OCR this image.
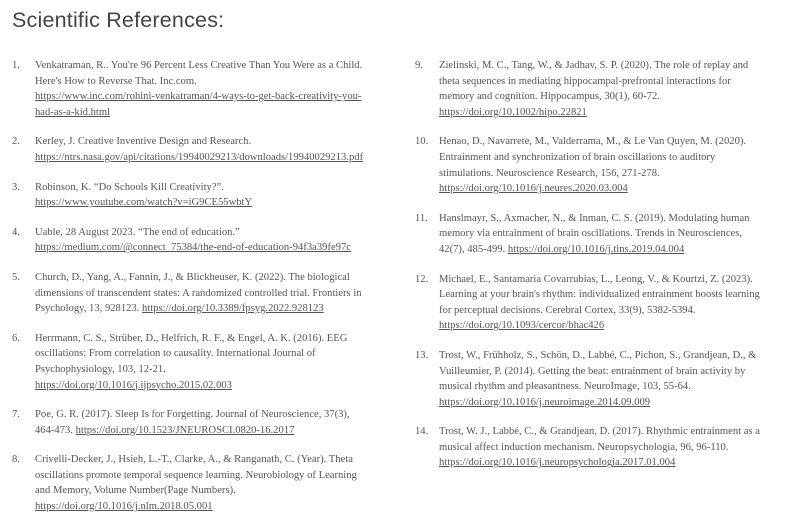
Scientific References:
1.	Venkatraman, R.. You're 96 Percent Less Creative Than You Were as a Child.
Here's How to Reverse That. Inc.com.
https://www.inc.com/rohini-venkatraman/4-ways-to-get-back-creativity-you-
had-as-a-kid.html
2.	Kerley, J. Creative Inventive Design and Research.
https://ntrs.nasa.gov/api/citations/19940029213/downloads/19940029213.pdf
3.	Robinson, K. “Do Schools Kill Creativity?”.
https://www.youtube.com/watch?v=iG9CE55wbtY
4.	Uable, 28 August 2023. “The end of education.”
https://medium.com/@connect_75384/the-end-of-education-94f3a39fe97c
5.	Church, D., Yang, A., Fannin, J., & Blickheuser, K. (2022). The biological
dimensions of transcendent states: A randomized controlled trial. Frontiers in
Psychology, 13, 928123. https://doi.org/10.3389/fpsyg.2022.928123
6.	Herrmann, C. S., Strüber, D., Helfrich, R. F., & Engel, A. K. (2016). EEG
oscillations: From correlation to causality. International Journal of
Psychophysiology, 103, 12-21.
https://doi.org/10.1016/j.ijpsycho.2015.02.003
7.	Poe, G. R. (2017). Sleep Is for Forgetting. Journal of Neuroscience, 37(3),
464-473. https://doi.org/10.1523/JNEUROSCI.0820-16.2017
8.	Crivelli-Decker, J., Hsieh, L.-T., Clarke, A., & Ranganath, C. (Year). Theta
oscillations promote temporal sequence learning. Neurobiology of Learning
and Memory, Volume Number(Page Numbers).
https://doi.org/10.1016/j.nlm.2018.05.001
9.	Zielinski, M. C., Tang, W., & Jadhav, S. P. (2020). The role of replay and
theta sequences in mediating hippocampal-prefrontal interactions for
memory and cognition. Hippocampus, 30(1), 60-72.
https://doi.org/10.1002/hipo.22821
10.	Henao, D., Navarrete, M., Valderrama, M., & Le Van Quyen, M. (2020).
Entrainment and synchronization of brain oscillations to auditory
stimulations. Neuroscience Research, 156, 271-278.
https://doi.org/10.1016/j.neures.2020.03.004
11.	Hanslmayr, S., Axmacher, N., & Inman, C. S. (2019). Modulating human
memory via entrainment of brain oscillations. Trends in Neurosciences,
42(7), 485-499. https://doi.org/10.1016/j.tins.2019.04.004
12.	Michael, E., Santamaria Covarrubias, L., Leong, V., & Kourtzi, Z. (2023).
Learning at your brain's rhythm: individualized entrainment boosts learning
for perceptual decisions. Cerebral Cortex, 33(9), 5382-5394.
https://doi.org/10.1093/cercor/bhac426
13.	Trost, W., Frühholz, S., Schön, D., Labbé, C., Pichon, S., Grandjean, D., &
Vuilleumier, P. (2014). Getting the beat: entrainment of brain activity by
musical rhythm and pleasantness. NeuroImage, 103, 55-64.
https://doi.org/10.1016/j.neuroimage.2014.09.009
14.	Trost, W. J., Labbé, C., & Grandjean, D. (2017). Rhythmic entrainment as a
musical affect induction mechanism. Neuropsychologia, 96, 96-110.
https://doi.org/10.1016/j.neuropsychologia.2017.01.004
